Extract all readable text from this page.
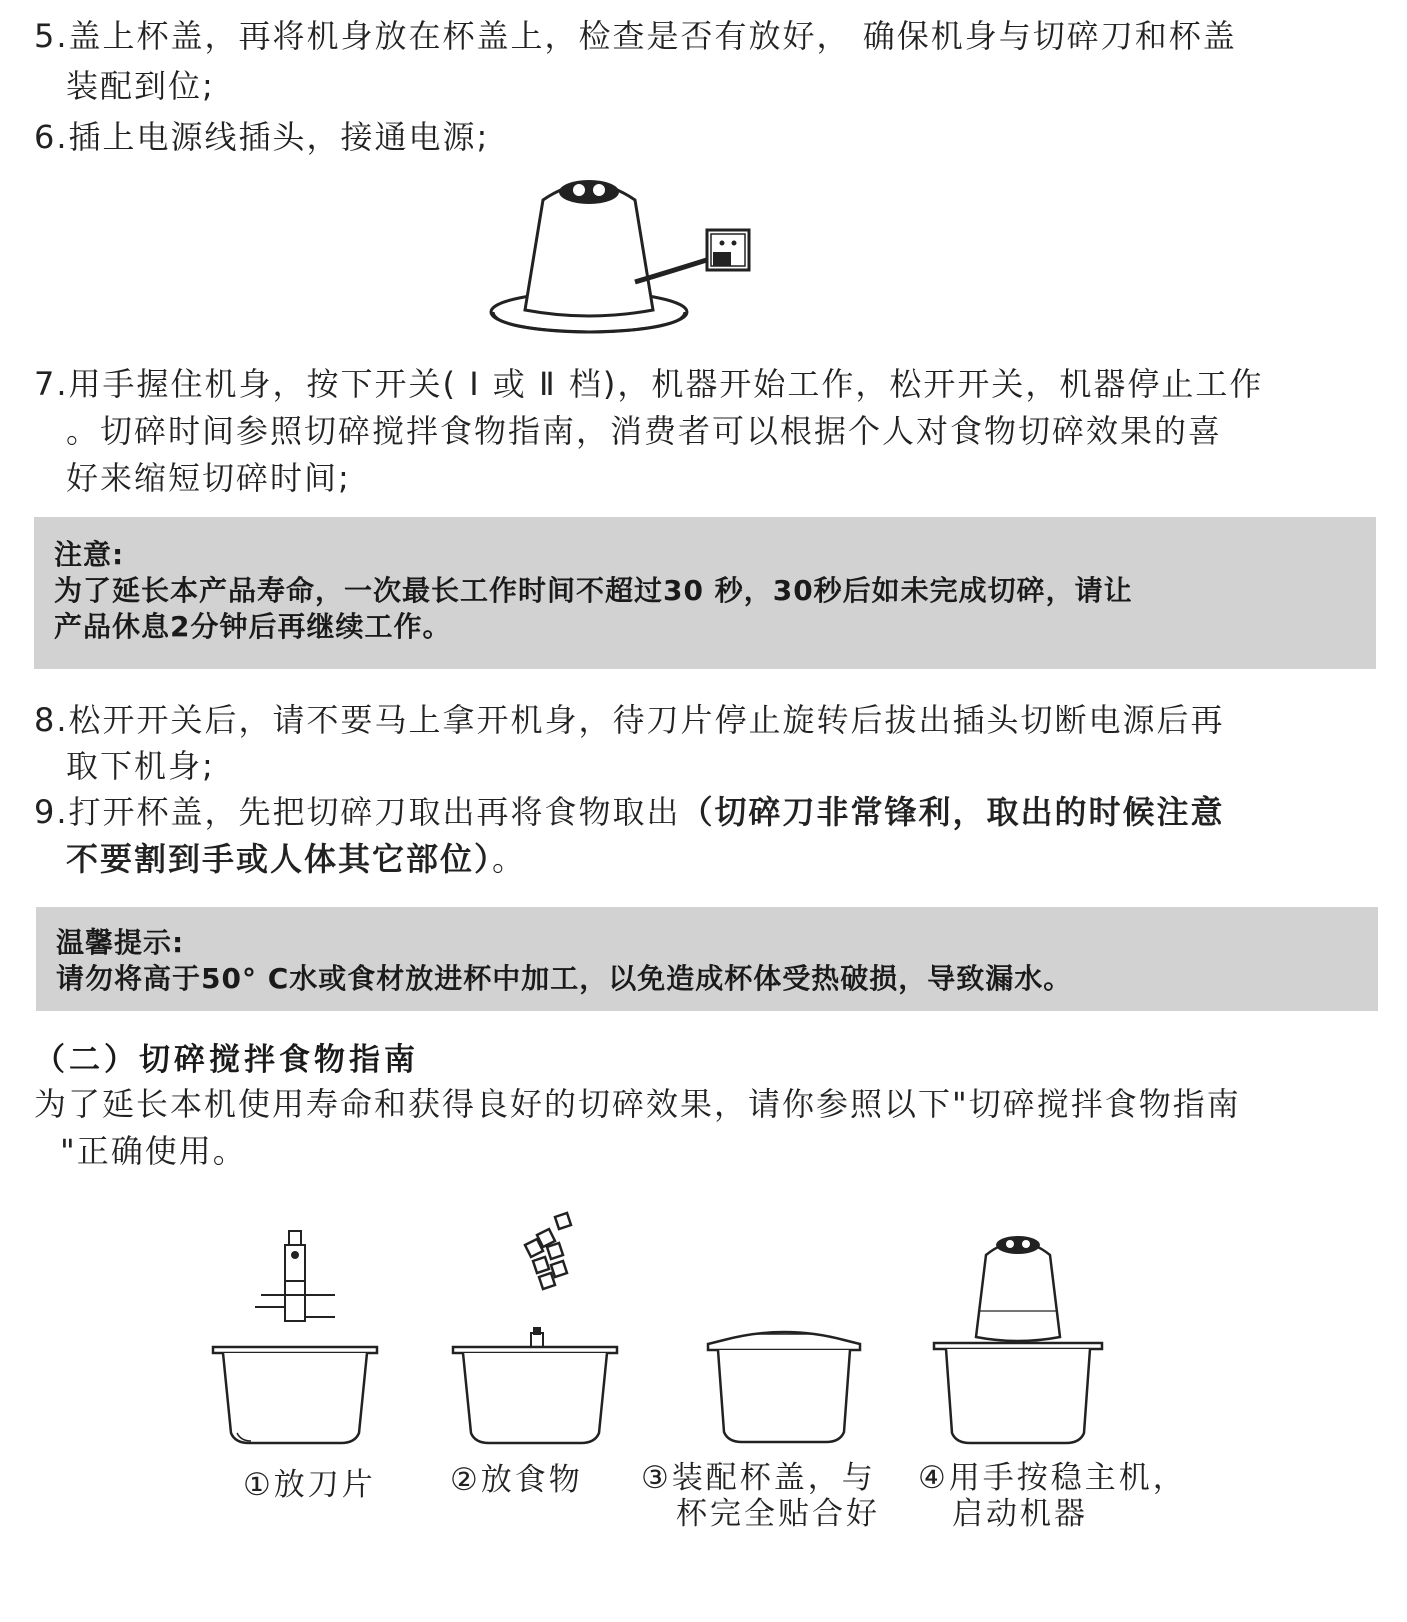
5.盖上杯盖，再将机身放在杯盖上，检查是否有放好， 确保机身与切碎刀和杯盖
装配到位;
6.插上电源线插头，接通电源;
7.用手握住机身，按下开关( Ⅰ 或 Ⅱ 档)，机器开始工作，松开开关，机器停止工作
。切碎时间参照切碎搅拌食物指南，消费者可以根据个人对食物切碎效果的喜
好来缩短切碎时间;
注意:
为了延长本产品寿命，一次最长工作时间不超过30 秒，30秒后如未完成切碎，请让
产品休息2分钟后再继续工作。
8.松开开关后，请不要马上拿开机身，待刀片停止旋转后拔出插头切断电源后再
取下机身;
9.打开杯盖，先把切碎刀取出再将食物取出（切碎刀非常锋利，取出的时候注意
不要割到手或人体其它部位）。
温馨提示:
请勿将高于50° C水或食材放进杯中加工，以免造成杯体受热破损，导致漏水。
（二）切碎搅拌食物指南
为了延长本机使用寿命和获得良好的切碎效果，请你参照以下"切碎搅拌食物指南
"正确使用。
①放刀片 ②放食物 ③装配杯盖，与
杯完全贴合好
④用手按稳主机，
启动机器
